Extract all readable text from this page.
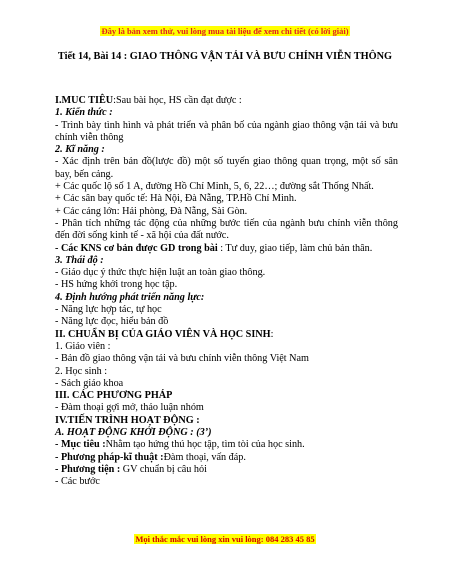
Đây là bản xem thử, vui lòng mua tài liệu để xem chi tiết (có lời giải)
Tiết 14, Bài 14 : GIAO THÔNG VẬN TẢI VÀ BƯU CHÍNH VIỄN THÔNG

I.MUC TIÊU:Sau bài học, HS cần đạt được :

1. Kiến thức :

- Trình bày tình hình và phát triển và phân bố của ngành giao thông vận tải và bưu chính viễn thông

2. Kĩ năng :

- Xác định trên bản đồ(lược đồ) một số tuyến giao thông quan trọng, một số sân bay, bến cảng.

+ Các quốc lộ số 1 A, đường Hồ Chí Minh, 5, 6, 22…; đường sắt Thống Nhất.

+ Các sân bay quốc tế: Hà Nội, Đà Nẵng, TP.Hồ Chí Minh.

+ Các cảng lớn: Hải phòng, Đà Nẵng, Sài Gòn.

- Phân tích những tác động của những bước tiến của ngành bưu chính viễn thông đến đời sống kinh tế - xã hội của đất nước.

- Các KNS cơ bản được GD trong bài : Tư duy, giao tiếp, làm chủ bản thân.

3. Thái độ :

- Giáo dục ý thức thực hiện luật an toàn giao thông.

- HS hứng khởi trong học tập.

4. Định hướng phát triển năng lực:

- Năng lực hợp tác, tự học

- Năng lực đọc, hiểu bản đồ

II. CHUẨN BỊ CỦA GIÁO VIÊN VÀ HỌC SINH:

1. Giáo viên :

- Bản đồ giao thông vận tải và bưu chính viễn thông Việt Nam

2. Học sinh :

- Sách giáo khoa

III. CÁC PHƯƠNG PHÁP

- Đàm thoại gợi mở, thảo luận nhóm

IV.TIẾN TRÌNH HOẠT ĐỘNG :

A. HOẠT ĐỘNG KHỞI ĐỘNG : (3’)

- Mục tiêu :Nhằm tạo hứng thú học tập, tìm tòi của học sinh.

- Phương pháp-kĩ thuật :Đàm thoại, vấn đáp.

- Phương tiện : GV chuẩn bị câu hỏi

- Các bước

Mọi thắc mắc vui lòng xin vui lòng: 084 283 45 85
